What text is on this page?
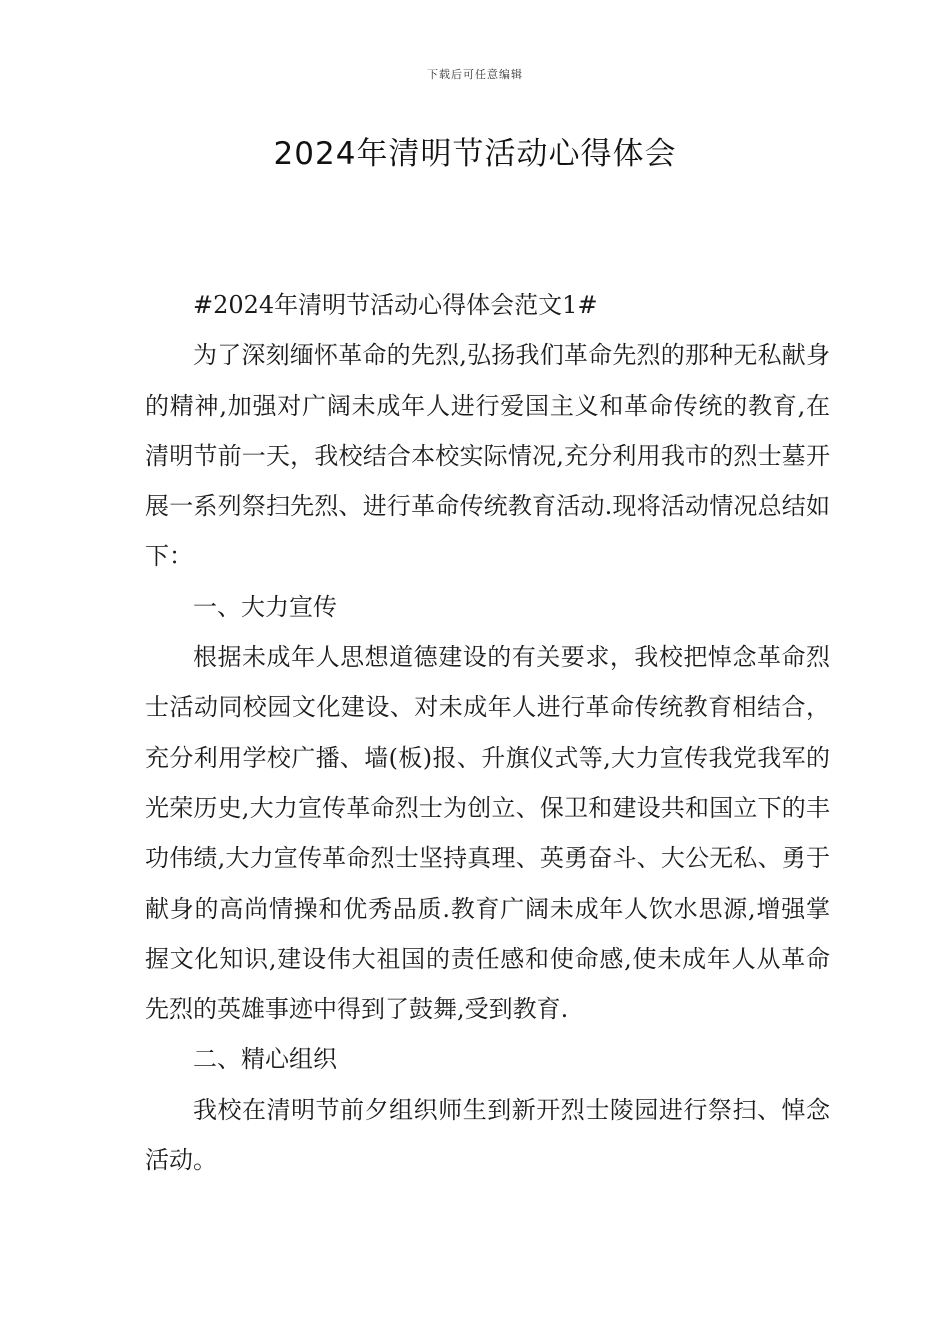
下载后可任意编辑
2024年清明节活动心得体会

#2024年清明节活动心得体会范文1#

为了深刻缅怀革命的先烈,弘扬我们革命先烈的那种无私献身的精神,加强对广阔未成年人进行爱国主义和革命传统的教育,在清明节前一天，我校结合本校实际情况,充分利用我市的烈士墓开展一系列祭扫先烈、进行革命传统教育活动.现将活动情况总结如下：

一、大力宣传

根据未成年人思想道德建设的有关要求，我校把悼念革命烈士活动同校园文化建设、对未成年人进行革命传统教育相结合，充分利用学校广播、墙(板)报、升旗仪式等,大力宣传我党我军的光荣历史,大力宣传革命烈士为创立、保卫和建设共和国立下的丰功伟绩,大力宣传革命烈士坚持真理、英勇奋斗、大公无私、勇于献身的高尚情操和优秀品质.教育广阔未成年人饮水思源,增强掌握文化知识,建设伟大祖国的责任感和使命感,使未成年人从革命先烈的英雄事迹中得到了鼓舞,受到教育.

二、精心组织

我校在清明节前夕组织师生到新开烈士陵园进行祭扫、悼念活动。
